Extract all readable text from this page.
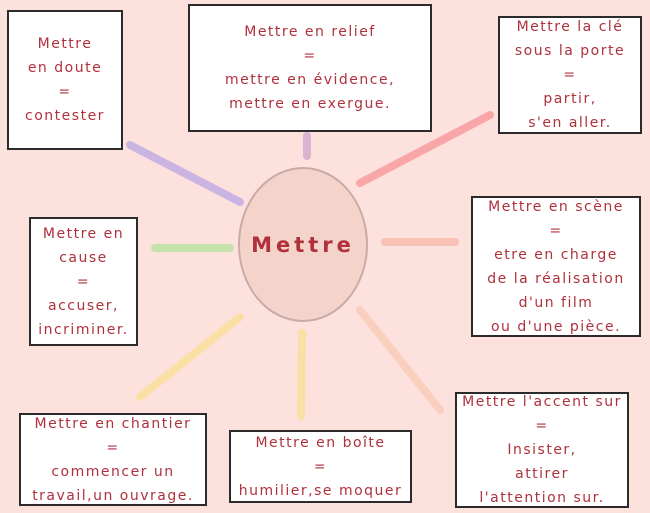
Mettre
Mettre
en doute
=
contester
Mettre en relief
=
mettre en évidence,
mettre en exergue.
Mettre la clé
sous la porte
=
partir,
s'en aller.
Mettre en scène
=
etre en charge
de la réalisation
d'un film
ou d'une pièce.
Mettre en
cause
=
accuser,
incriminer.
Mettre en chantier
=
commencer un
travail,un ouvrage.
Mettre en boîte
=
humilier,se moquer
Mettre l'accent sur
=
Insister,
attirer
l'attention sur.
